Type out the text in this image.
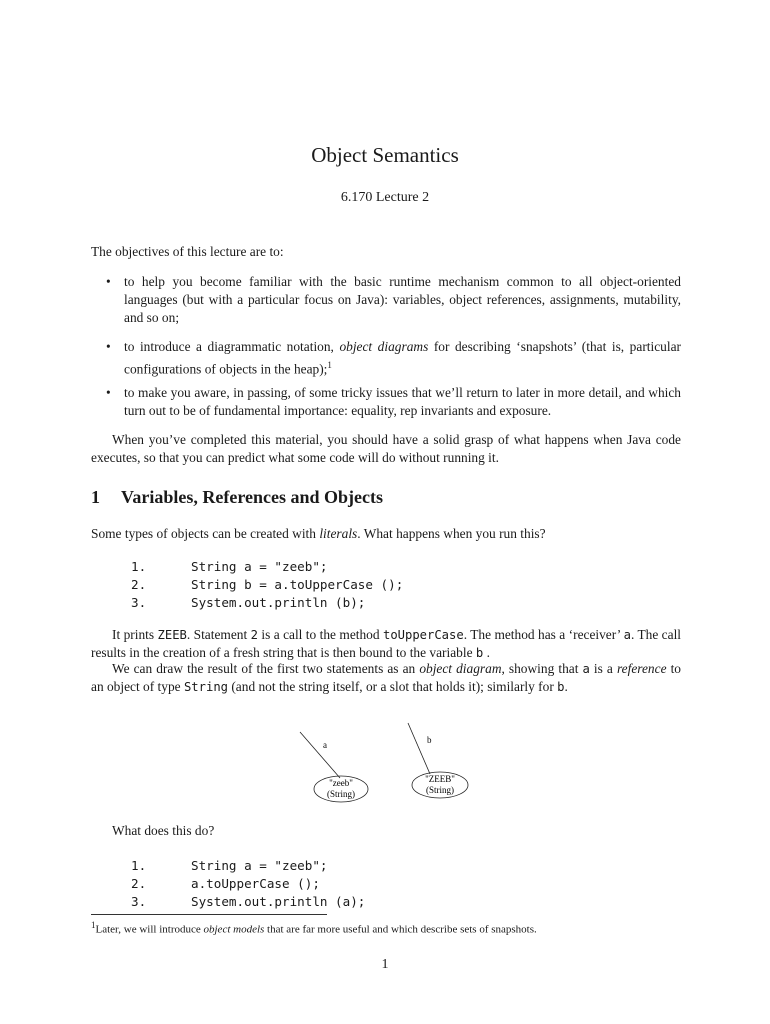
Object Semantics
6.170 Lecture 2
The objectives of this lecture are to:
• to help you become familiar with the basic runtime mechanism common to all object-oriented languages (but with a particular focus on Java): variables, object references, assignments, mutability, and so on;
• to introduce a diagrammatic notation, object diagrams for describing ‘snapshots’ (that is, particular configurations of objects in the heap);$^1$
• to make you aware, in passing, of some tricky issues that we’ll return to later in more detail, and which turn out to be of fundamental importance: equality, rep invariants and exposure.
When you’ve completed this material, you should have a solid grasp of what happens when Java code executes, so that you can predict what some code will do without running it.
1 Variables, References and Objects
Some types of objects can be created with literals. What happens when you run this?
1.	String a = "zeeb";
2.	String b = a.toUpperCase ();
3.	System.out.println (b);
It prints ZEEB. Statement 2 is a call to the method toUpperCase. The method has a ‘receiver’ a. The call results in the creation of a fresh string that is then bound to the variable b .
We can draw the result of the first two statements as an object diagram, showing that a is a reference to an object of type String (and not the string itself, or a slot that holds it); similarly for b.
a	b
"zeeb"
(String)
"ZEEB"
(String)
What does this do?
1.	String a = "zeeb";
2.	a.toUpperCase ();
3.	System.out.println (a);
$^1$Later, we will introduce object models that are far more useful and which describe sets of snapshots.
1
